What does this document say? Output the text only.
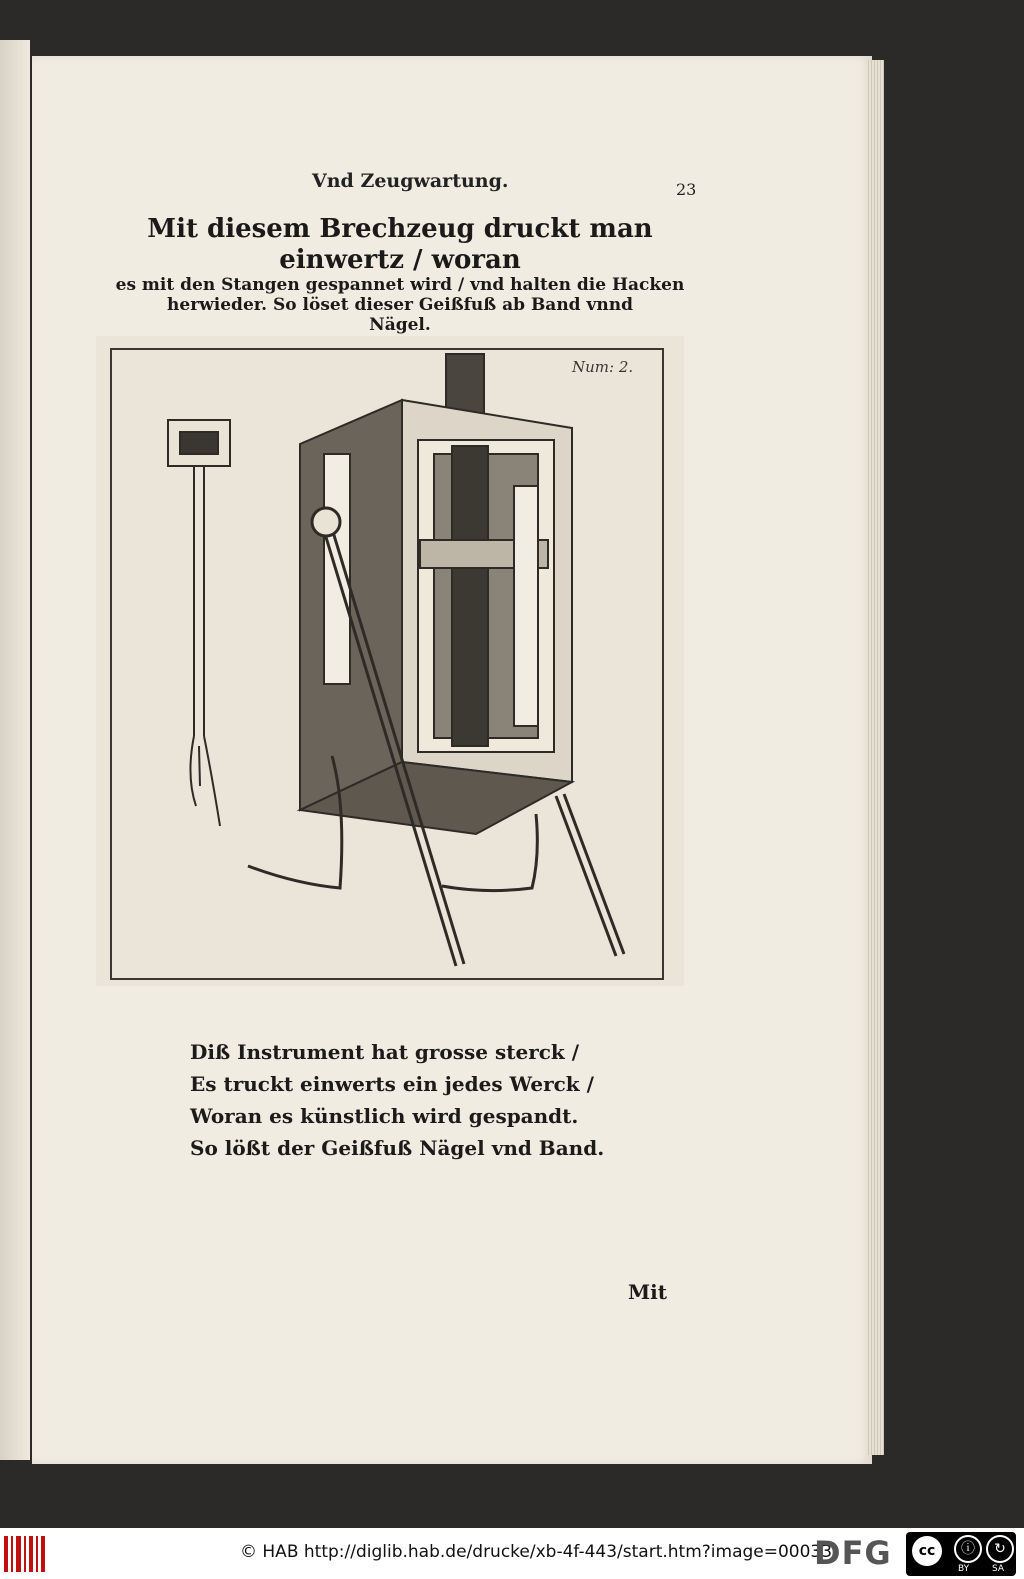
Vnd Zeugwartung.	23
Mit diesem Brechzeug druckt man einwertz / woran
es mit den Stangen gespannet wird / vnd halten die Hacken
herwieder. So löset dieser Geißfuß ab Band vnnd
Nägel.
Num: 2.
Diß Instrument hat grosse sterck /
Es truckt einwerts ein jedes Werck /
Woran es künstlich wird gespandt.
So lößt der Geißfuß Nägel vnd Band.
Mit
© HAB http://diglib.hab.de/drucke/xb-4f-443/start.htm?image=00033
DFG	cc	ⓘ	↻
BY	SA
